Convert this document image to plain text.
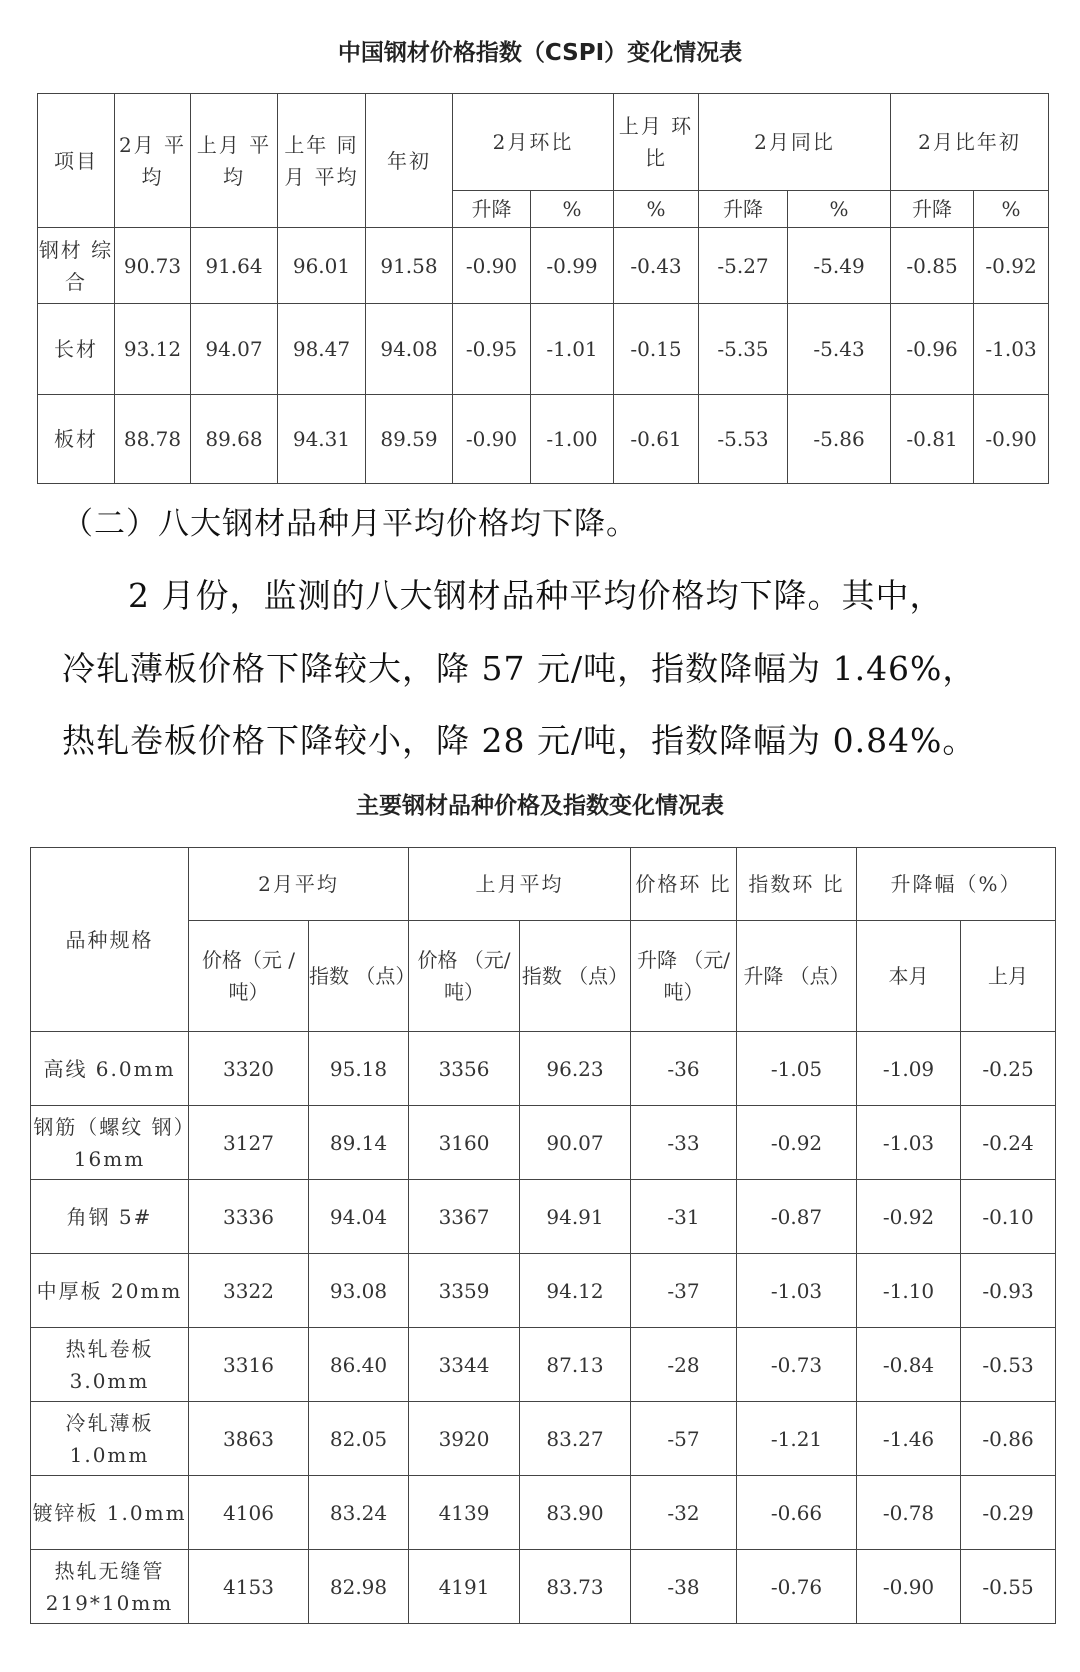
中国钢材价格指数（CSPI）变化情况表
项目	2月 平均	上月 平均	上年 同月 平均	年初	2月环比		上月 环比	2月同比		2月比年初	
					升降	%	%	升降	%	升降	%
钢材 综合	90.73	91.64	96.01	91.58	-0.90	-0.99	-0.43	-5.27	-5.49	-0.85	-0.92
长材	93.12	94.07	98.47	94.08	-0.95	-1.01	-0.15	-5.35	-5.43	-0.96	-1.03
板材	88.78	89.68	94.31	89.59	-0.90	-1.00	-0.61	-5.53	-5.86	-0.81	-0.90
（二）八大钢材品种月平均价格均下降。
2 月份，监测的八大钢材品种平均价格均下降。其中，
冷轧薄板价格下降较大，降 57 元/吨，指数降幅为 1.46%，
热轧卷板价格下降较小，降 28 元/吨，指数降幅为 0.84%。
主要钢材品种价格及指数变化情况表
品种规格	2月平均		上月平均		价格环 比	指数环 比	升降幅（%）	
	价格（元 /吨）	指数 （点）	价格 （元/ 吨）	指数 （点）	升降 （元/ 吨）	升降 （点）	本月	上月
高线 6.0mm	3320	95.18	3356	96.23	-36	-1.05	-1.09	-0.25
钢筋（螺纹 钢）16mm	3127	89.14	3160	90.07	-33	-0.92	-1.03	-0.24
角钢 5#	3336	94.04	3367	94.91	-31	-0.87	-0.92	-0.10
中厚板 20mm	3322	93.08	3359	94.12	-37	-1.03	-1.10	-0.93
热轧卷板 3.0mm	3316	86.40	3344	87.13	-28	-0.73	-0.84	-0.53
冷轧薄板 1.0mm	3863	82.05	3920	83.27	-57	-1.21	-1.46	-0.86
镀锌板 1.0mm	4106	83.24	4139	83.90	-32	-0.66	-0.78	-0.29
热轧无缝管 219*10mm	4153	82.98	4191	83.73	-38	-0.76	-0.90	-0.55
